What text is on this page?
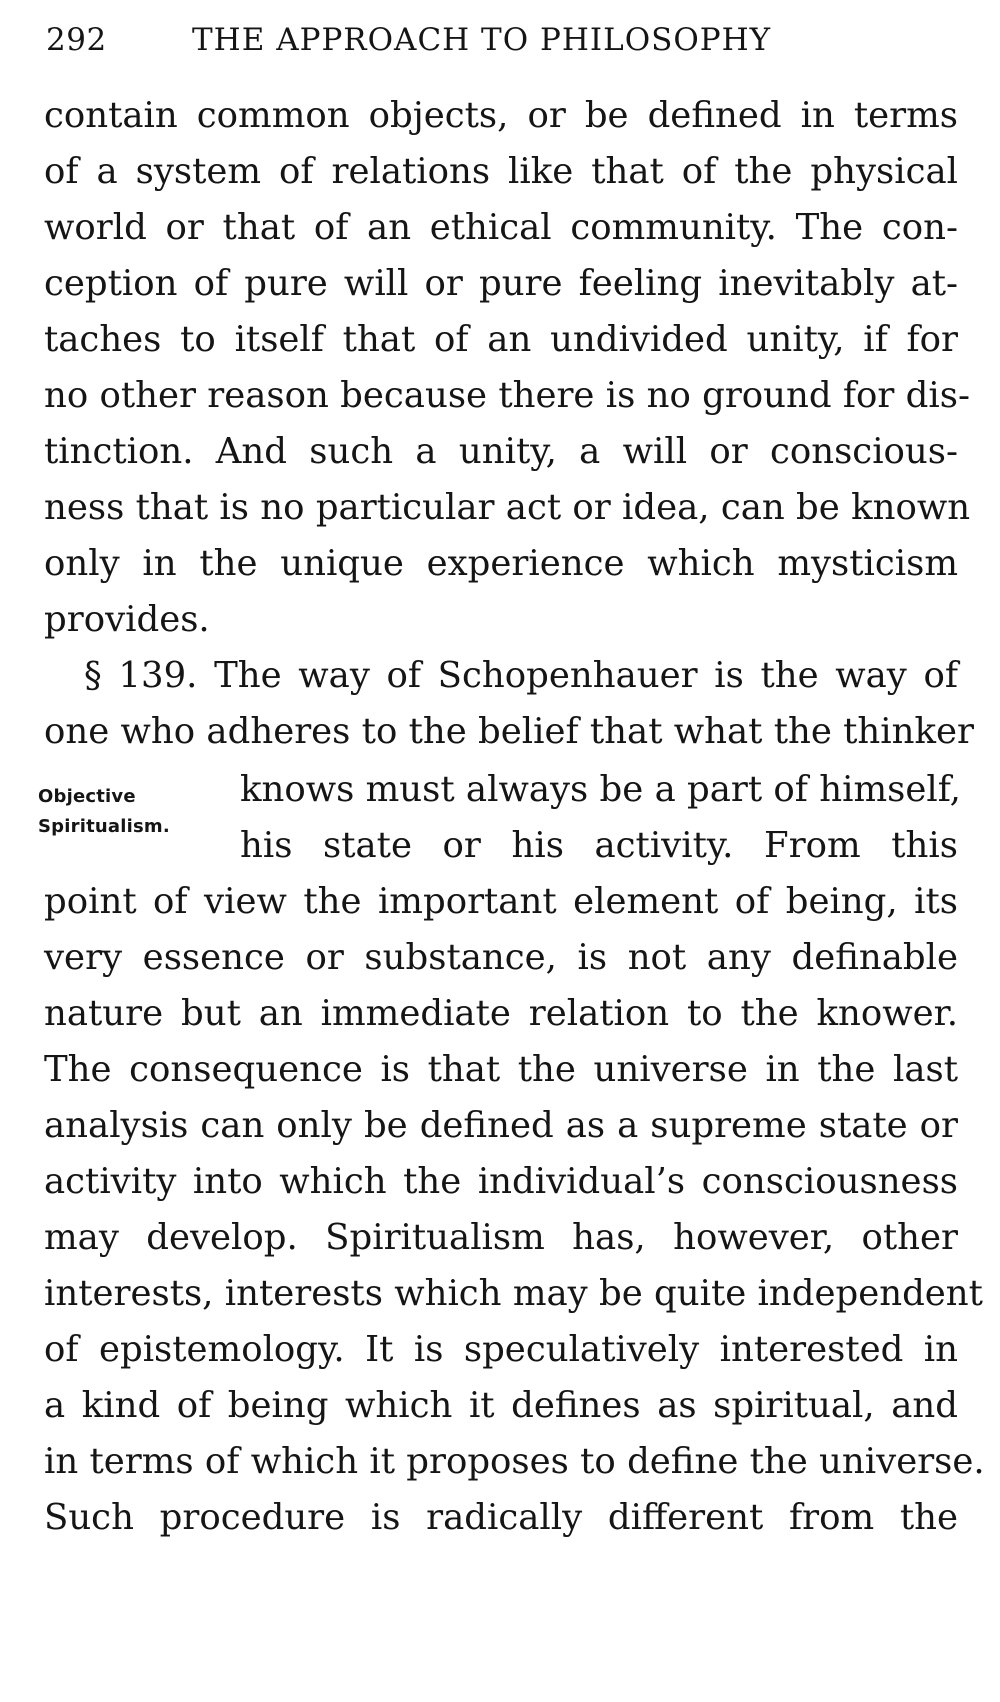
292	THE APPROACH TO PHILOSOPHY
contain common objects, or be defined in terms
of a system of relations like that of the physical
world or that of an ethical community. The con-
ception of pure will or pure feeling inevitably at-
taches to itself that of an undivided unity, if for
no other reason because there is no ground for dis-
tinction. And such a unity, a will or conscious-
ness that is no particular act or idea, can be known
only in the unique experience which mysticism
provides.
§ 139. The way of Schopenhauer is the way of
one who adheres to the belief that what the thinker
Objective
Spiritualism.
knows must always be a part of himself,
his state or his activity. From this
point of view the important element of being, its
very essence or substance, is not any definable
nature but an immediate relation to the knower.
The consequence is that the universe in the last
analysis can only be defined as a supreme state or
activity into which the individual’s consciousness
may develop. Spiritualism has, however, other
interests, interests which may be quite independent
of epistemology. It is speculatively interested in
a kind of being which it defines as spiritual, and
in terms of which it proposes to define the universe.
Such procedure is radically different from the
